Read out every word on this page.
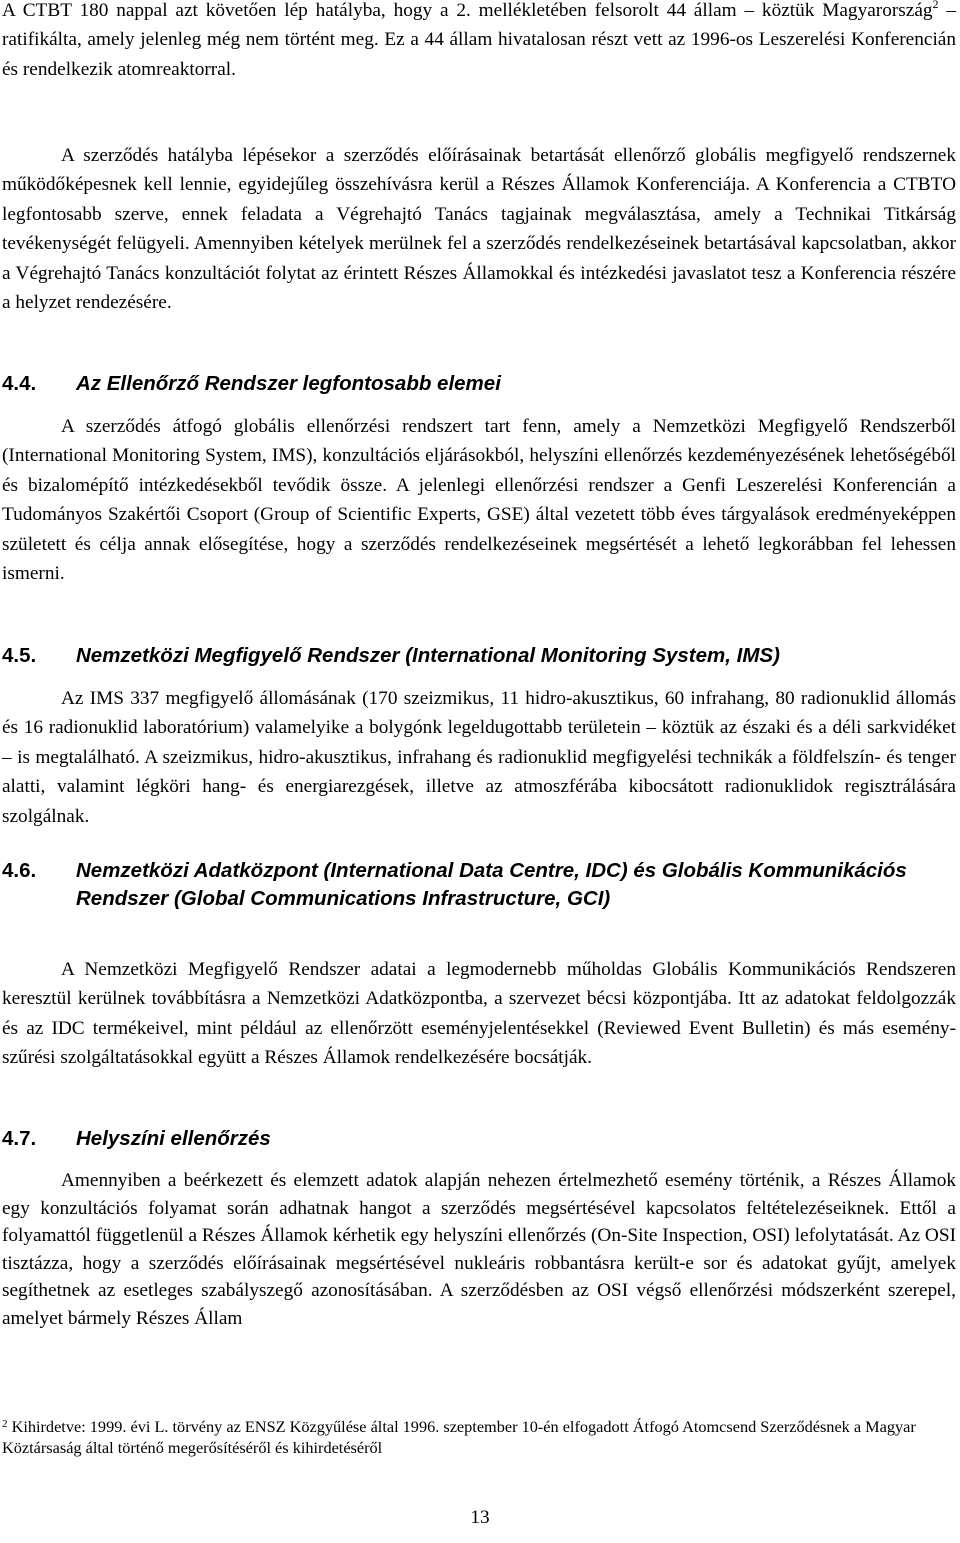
A CTBT 180 nappal azt követően lép hatályba, hogy a 2. mellékletében felsorolt 44 állam – köztük Magyarország$^2$ – ratifikálta, amely jelenleg még nem történt meg. Ez a 44 állam hivatalosan részt vett az 1996-os Leszerelési Konferencián és rendelkezik atomreaktorral.

A szerződés hatályba lépésekor a szerződés előírásainak betartását ellenőrző globális megfigyelő rendszernek működőképesnek kell lennie, egyidejűleg összehívásra kerül a Részes Államok Konferenciája. A Konferencia a CTBTO legfontosabb szerve, ennek feladata a Végrehajtó Tanács tagjainak megválasztása, amely a Technikai Titkárság tevékenységét felügyeli. Amennyiben kételyek merülnek fel a szerződés rendelkezéseinek betartásával kapcsolatban, akkor a Végrehajtó Tanács konzultációt folytat az érintett Részes Államokkal és intézkedési javaslatot tesz a Konferencia részére a helyzet rendezésére.

4.4.	Az Ellenőrző Rendszer legfontosabb elemei

A szerződés átfogó globális ellenőrzési rendszert tart fenn, amely a Nemzetközi Megfigyelő Rendszerből (International Monitoring System, IMS), konzultációs eljárásokból, helyszíni ellenőrzés kezdeményezésének lehetőségéből és bizalomépítő intézkedésekből tevődik össze. A jelenlegi ellenőrzési rendszer a Genfi Leszerelési Konferencián a Tudományos Szakértői Csoport (Group of Scientific Experts, GSE) által vezetett több éves tárgyalások eredményeképpen született és célja annak elősegítése, hogy a szerződés rendelkezéseinek megsértését a lehető legkorábban fel lehessen ismerni.

4.5.	Nemzetközi Megfigyelő Rendszer (International Monitoring System, IMS)

Az IMS 337 megfigyelő állomásának (170 szeizmikus, 11 hidro-akusztikus, 60 infrahang, 80 radionuklid állomás és 16 radionuklid laboratórium) valamelyike a bolygónk legeldugottabb területein – köztük az északi és a déli sarkvidéket – is megtalálható. A szeizmikus, hidro-akusztikus, infrahang és radionuklid megfigyelési technikák a földfelszín- és tenger alatti, valamint légköri hang- és energiarezgések, illetve az atmoszférába kibocsátott radionuklidok regisztrálására szolgálnak.

4.6.	Nemzetközi Adatközpont (International Data Centre, IDC) és Globális Kommunikációs Rendszer (Global Communications Infrastructure, GCI)

A Nemzetközi Megfigyelő Rendszer adatai a legmodernebb műholdas Globális Kommunikációs Rendszeren keresztül kerülnek továbbításra a Nemzetközi Adatközpontba, a szervezet bécsi központjába. Itt az adatokat feldolgozzák és az IDC termékeivel, mint például az ellenőrzött eseményjelentésekkel (Reviewed Event Bulletin) és más esemény-szűrési szolgáltatásokkal együtt a Részes Államok rendelkezésére bocsátják.

4.7.	Helyszíni ellenőrzés

Amennyiben a beérkezett és elemzett adatok alapján nehezen értelmezhető esemény történik, a Részes Államok egy konzultációs folyamat során adhatnak hangot a szerződés megsértésével kapcsolatos feltételezéseiknek. Ettől a folyamattól függetlenül a Részes Államok kérhetik egy helyszíni ellenőrzés (On-Site Inspection, OSI) lefolytatását. Az OSI tisztázza, hogy a szerződés előírásainak megsértésével nukleáris robbantásra került-e sor és adatokat gyűjt, amelyek segíthetnek az esetleges szabályszegő azonosításában. A szerződésben az OSI végső ellenőrzési módszerként szerepel, amelyet bármely Részes Állam

$^2$ Kihirdetve: 1999. évi L. törvény az ENSZ Közgyűlése által 1996. szeptember 10-én elfogadott Átfogó Atomcsend Szerződésnek a Magyar Köztársaság által történő megerősítéséről és kihirdetéséről

13
